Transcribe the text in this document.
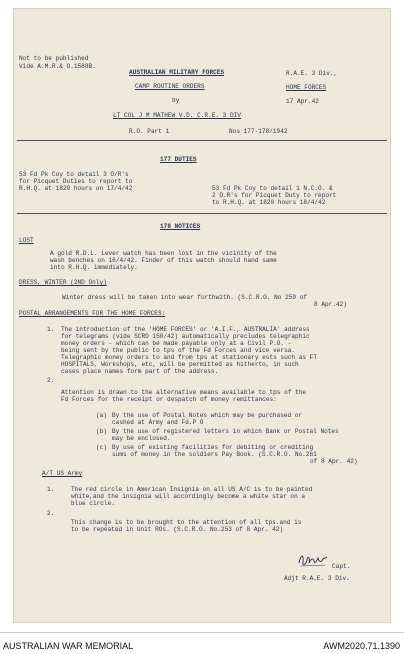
Not to be published
Vide A.M.R.& O.1588B.
AUSTRALIAN MILITARY FORCES
CAMP ROUTINE ORDERS
by
LT COL J M MATHEW V.D. C.R.E. 3 DIV
R.A.E. 3 Div.,
HOME FORCES
17 Apr.42
R.O. Part 1	Nos 177-178/1942
177 DUTIES
53 Fd Pk Coy to detail 3 O/R's
for Picquet Duties to report to
R.H.Q. at 1820 hours on 17/4/42	53 Fd Pk Coy to detail 1 N.C.O. &
2 O.R's for Picquet Duty to report
to R.H.Q. at 1820 hours 18/4/42
178 NOTICES
LOST
A gold R.D.L. Lever watch has been lost in the vicinity of the
wash benches on 16/4/42. Finder of this watch should hand same
into R.H.Q. immediately.
DRESS, WINTER (2ND Only)
Winter dress will be taken into wear forthwith. (S.C.R.O. No 259 of
8 Apr.42)
POSTAL ARRANGEMENTS FOR THE HOME FORCES:
1. The introduction of the 'HOME FORCES' or 'A.I.F., AUSTRALIA' address
for telegrams (vide SCRO 150/42) automatically precludes telegraphic
money orders - which can be made payable only at a Civil P.O. -
being sent by the public to tps of the Fd Forces and vice versa.
Telegraphic money orders to and from tps at stationary ests such as FT
HOSPITALS, Workshops, etc, will be permitted as hitherto, in such
cases place names form part of the address.
2.
Attention is drawn to the alternative means available to tps of the
Fd Forces for the receipt or despatch of money remittances:
(a) By the use of Postal Notes which may be purchased or
cashed at Army and Fd.P O
(b) By the use of registered letters in which Bank or Postal Notes
may be enclosed.
(c) By use of existing facilities for debiting or crediting
sums of money in the soldiers Pay Book. (S.C.R.O. No.261
of 8 Apr. 42)
A/T US Army
1.	The red circle in American Insignia on all US A/C is to be painted
white,and the insignia will accordingly become a white star on a
blue circle.
2.
This change is to be brought to the attention of all tps.and is
to be repeated in Unit ROs. (S.C.R.O. No.253 of 8 Apr. 42)
Capt.
Adjt R.A.E. 3 Div.
AUSTRALIAN WAR MEMORIAL	AWM2020.71.1390
